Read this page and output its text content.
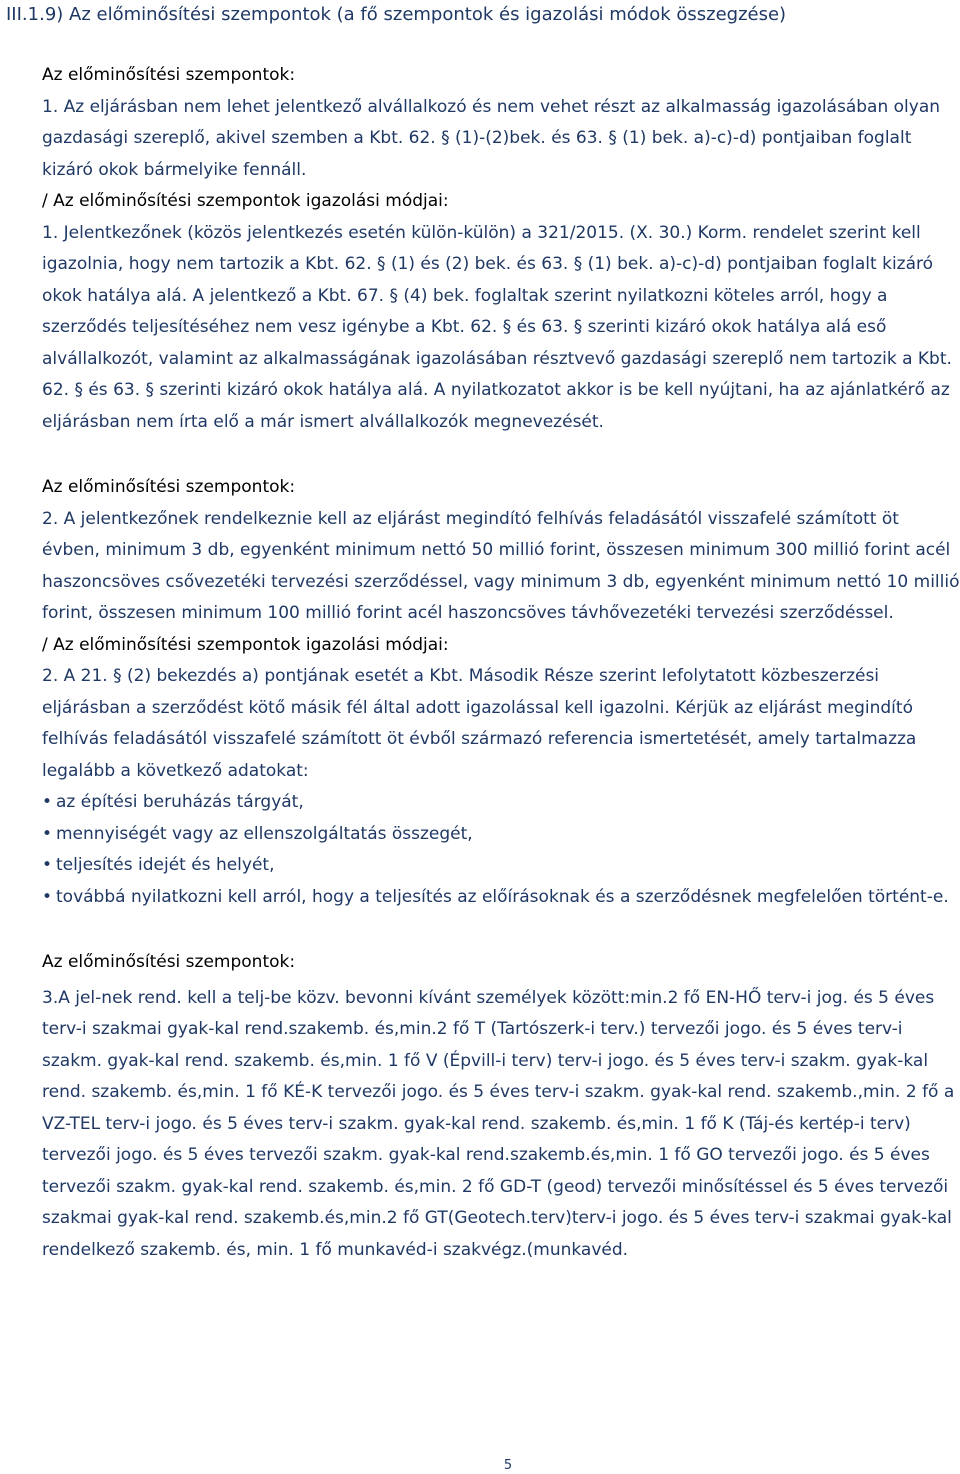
III.1.9) Az előminősítési szempontok (a fő szempontok és igazolási módok összegzése)

Az előminősítési szempontok:

1. Az eljárásban nem lehet jelentkező alvállalkozó és nem vehet részt az alkalmasság igazolásában olyan gazdasági szereplő, akivel szemben a Kbt. 62. § (1)-(2)bek. és 63. § (1) bek. a)-c)-d) pontjaiban foglalt kizáró okok bármelyike fennáll.

/ Az előminősítési szempontok igazolási módjai:

1. Jelentkezőnek (közös jelentkezés esetén külön-külön) a 321/2015. (X. 30.) Korm. rendelet szerint kell igazolnia, hogy nem tartozik a Kbt. 62. § (1) és (2) bek. és 63. § (1) bek. a)-c)-d) pontjaiban foglalt kizáró okok hatálya alá. A jelentkező a Kbt. 67. § (4) bek. foglaltak szerint nyilatkozni köteles arról, hogy a szerződés teljesítéséhez nem vesz igénybe a Kbt. 62. § és 63. § szerinti kizáró okok hatálya alá eső alvállalkozót, valamint az alkalmasságának igazolásában résztvevő gazdasági szereplő nem tartozik a Kbt. 62. § és 63. § szerinti kizáró okok hatálya alá. A nyilatkozatot akkor is be kell nyújtani, ha az ajánlatkérő az eljárásban nem írta elő a már ismert alvállalkozók megnevezését.

Az előminősítési szempontok:

2. A jelentkezőnek rendelkeznie kell az eljárást megindító felhívás feladásától visszafelé számított öt évben, minimum 3 db, egyenként minimum nettó 50 millió forint, összesen minimum 300 millió forint acél haszoncsöves csővezetéki tervezési szerződéssel, vagy minimum 3 db, egyenként minimum nettó 10 millió forint, összesen minimum 100 millió forint acél haszoncsöves távhővezetéki tervezési szerződéssel.

/ Az előminősítési szempontok igazolási módjai:

2. A 21. § (2) bekezdés a) pontjának esetét a Kbt. Második Része szerint lefolytatott közbeszerzési eljárásban a szerződést kötő másik fél által adott igazolással kell igazolni. Kérjük az eljárást megindító felhívás feladásától visszafelé számított öt évből származó referencia ismertetését, amely tartalmazza legalább a következő adatokat:

• az építési beruházás tárgyát,
• mennyiségét vagy az ellenszolgáltatás összegét,
• teljesítés idejét és helyét,
• továbbá nyilatkozni kell arról, hogy a teljesítés az előírásoknak és a szerződésnek megfelelően történt-e.

Az előminősítési szempontok:

3.A jel-nek rend. kell a telj-be közv. bevonni kívánt személyek között:min.2 fő EN-HŐ terv-i jog. és 5 éves terv-i szakmai gyak-kal rend.szakemb. és,min.2 fő T (Tartószerk-i terv.) tervezői jogo. és 5 éves terv-i szakm. gyak-kal rend. szakemb. és,min. 1 fő V (Épvill-i terv) terv-i jogo. és 5 éves terv-i szakm. gyak-kal rend. szakemb. és,min. 1 fő KÉ-K tervezői jogo. és 5 éves terv-i szakm. gyak-kal rend. szakemb.,min. 2 fő a VZ-TEL terv-i jogo. és 5 éves terv-i szakm. gyak-kal rend. szakemb. és,min. 1 fő K (Táj-és kertép-i terv) tervezői jogo. és 5 éves tervezői szakm. gyak-kal rend.szakemb.és,min. 1 fő GO tervezői jogo. és 5 éves tervezői szakm. gyak-kal rend. szakemb. és,min. 2 fő GD-T (geod) tervezői minősítéssel és 5 éves tervezői szakmai gyak-kal rend. szakemb.és,min.2 fő GT(Geotech.terv)terv-i jogo. és 5 éves terv-i szakmai gyak-kal rendelkező szakemb. és, min. 1 fő munkavéd-i szakvégz.(munkavéd.

5
